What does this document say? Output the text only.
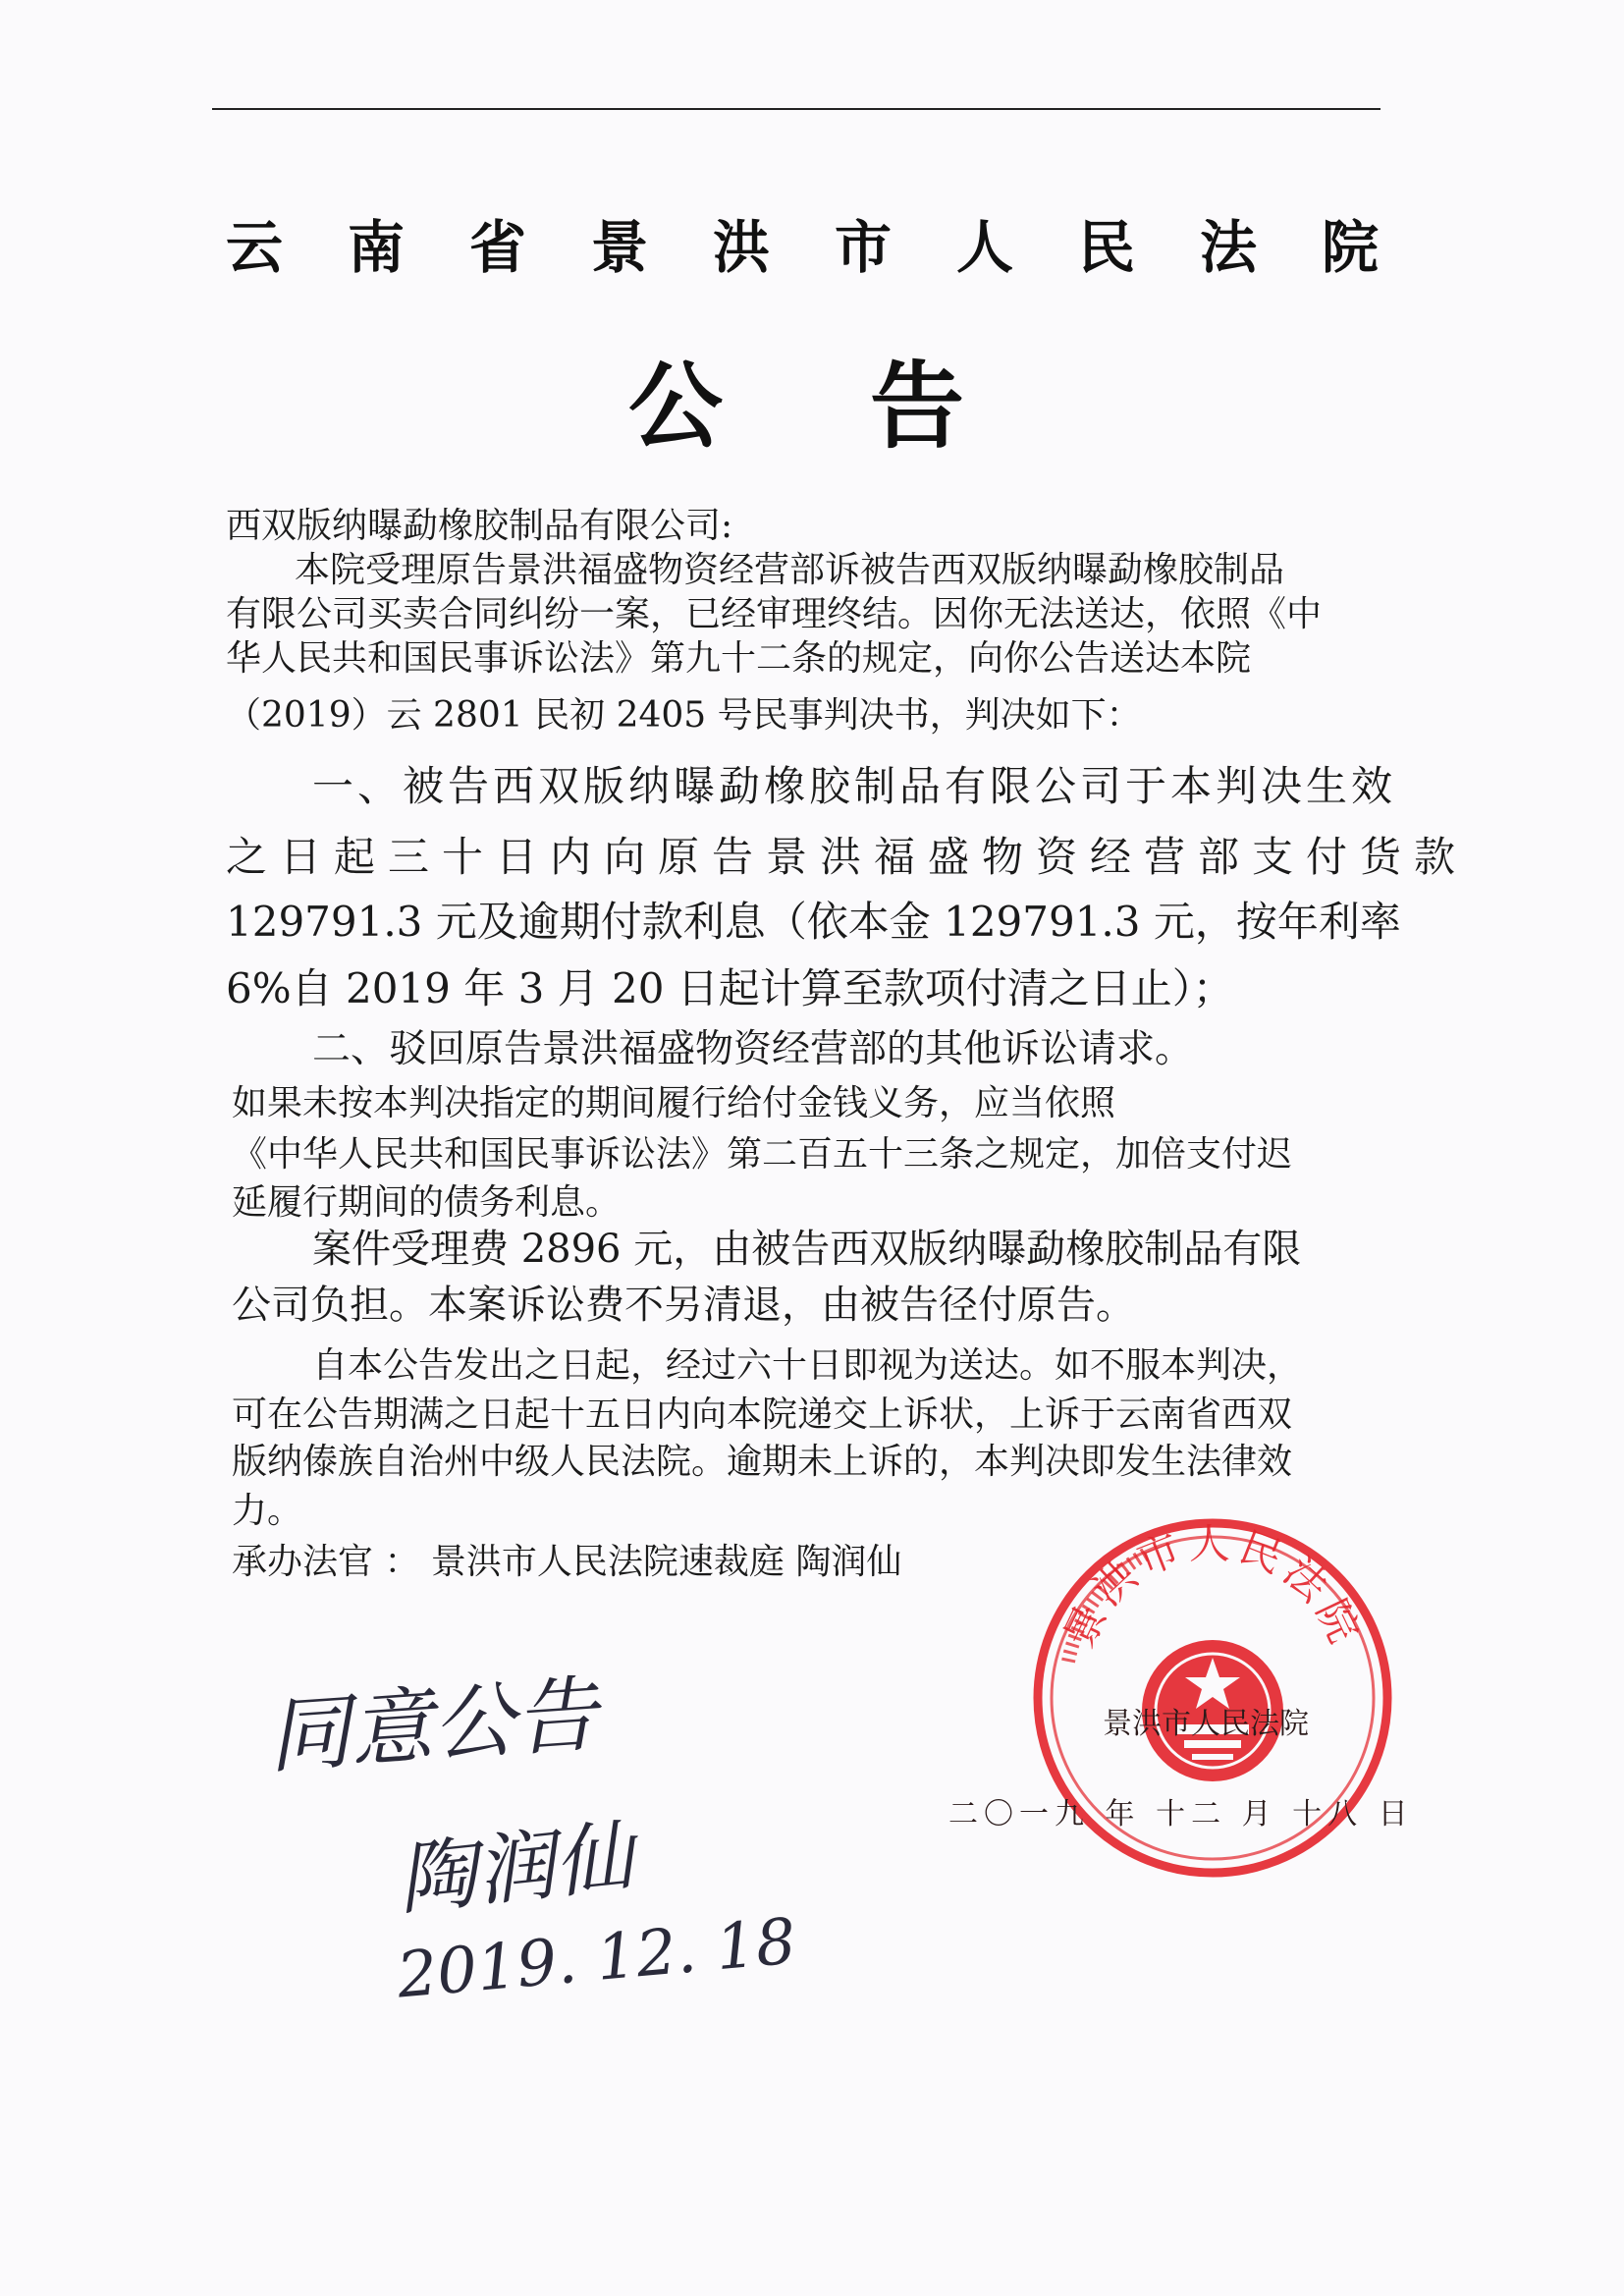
云南省景洪市人民法院
公告
西双版纳曝勐橡胶制品有限公司:
本院受理原告景洪福盛物资经营部诉被告西双版纳曝勐橡胶制品
有限公司买卖合同纠纷一案，已经审理终结。因你无法送达，依照《中
华人民共和国民事诉讼法》第九十二条的规定，向你公告送达本院
（2019）云 2801 民初 2405 号民事判决书，判决如下：
一、被告西双版纳曝勐橡胶制品有限公司于本判决生效
之日起三十日内向原告景洪福盛物资经营部支付货款
129791.3 元及逾期付款利息（依本金 129791.3 元，按年利率
6%自 2019 年 3 月 20 日起计算至款项付清之日止）；
二、驳回原告景洪福盛物资经营部的其他诉讼请求。
如果未按本判决指定的期间履行给付金钱义务，应当依照
《中华人民共和国民事诉讼法》第二百五十三条之规定，加倍支付迟
延履行期间的债务利息。
案件受理费 2896 元，由被告西双版纳曝勐橡胶制品有限
公司负担。本案诉讼费不另清退，由被告径付原告。
自本公告发出之日起，经过六十日即视为送达。如不服本判决，
可在公告期满之日起十五日内向本院递交上诉状，上诉于云南省西双
版纳傣族自治州中级人民法院。逾期未上诉的，本判决即发生法律效
力。
承办法官 ： 景洪市人民法院速裁庭 陶润仙
同意公告
陶润仙
2019. 12. 18
景洪市人民法院
景洪市人民法院
二〇一九 年 十二 月 十八 日
